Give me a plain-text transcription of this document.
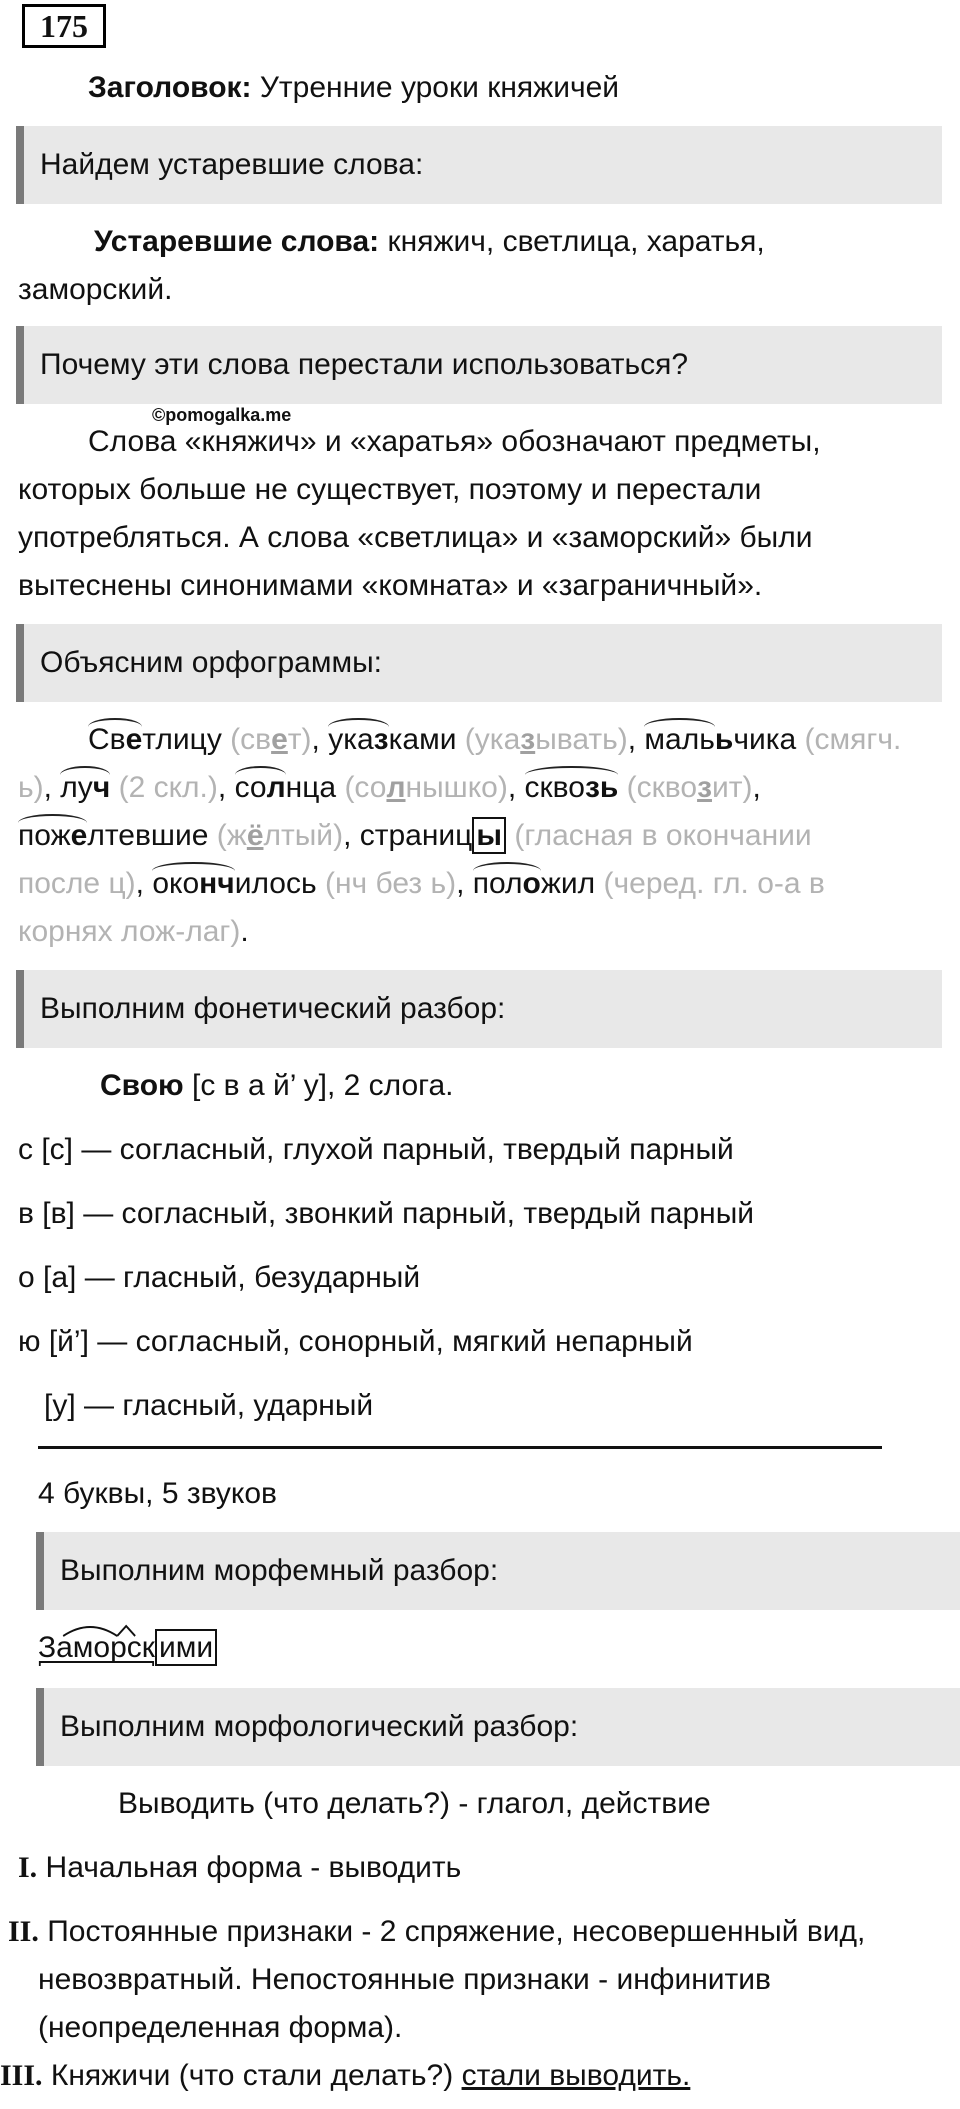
175
Заголовок: Утренние уроки княжичей
Найдем устаревшие слова:
Устаревшие слова: княжич, светлица, харатья,
заморский.
Почему эти слова перестали использоваться?
©pomogalka.me
Слова «княжич» и «харатья» обозначают предметы,
которых больше не существует, поэтому и перестали
употребляться. А слова «светлица» и «заморский» были
вытеснены синонимами «комната» и «заграничный».
Объясним орфограммы:
Светлицу (свет), указками (указывать), малььчика (смягч.
ь), луч (2 скл.), солнца (солнышко), сквозь (сквозит),
пожелтевшие (жёлтый), страниц ы (гласная в окончании
после ц), окончилось (нч без ь), положил (черед. гл. о-а в
корнях лож-лаг).
Выполним фонетический разбор:
Свою [с в а й’ у], 2 слога.
с [с] — согласный, глухой парный, твердый парный
в [в] — согласный, звонкий парный, твердый парный
о [а] — гласный, безударный
ю [й’] — согласный, сонорный, мягкий непарный
[у] — гласный, ударный
4 буквы, 5 звуков
Выполним морфемный разбор:
Заморск ими
Выполним морфологический разбор:
Выводить (что делать?) - глагол, действие
I. Начальная форма - выводить
II. Постоянные признаки - 2 спряжение, несовершенный вид,
невозвратный. Непостоянные признаки - инфинитив
(неопределенная форма).
III. Княжичи (что стали делать?) стали выводить.
